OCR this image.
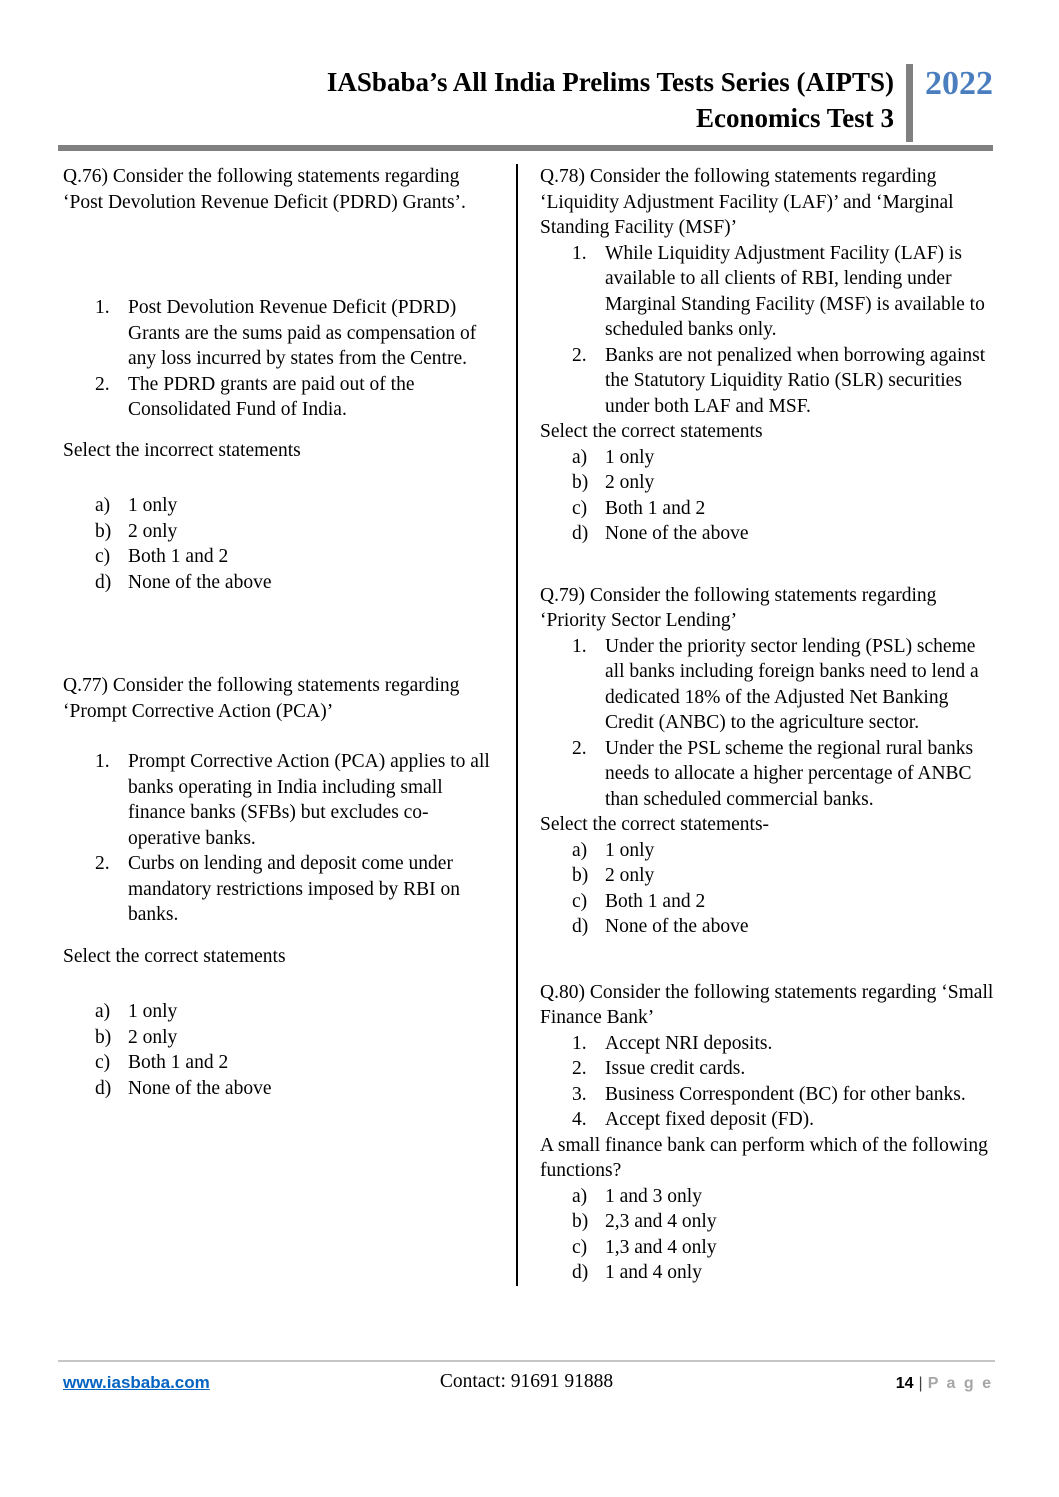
IASbaba’s All India Prelims Tests Series (AIPTS)
Economics Test 3
2022

Q.76) Consider the following statements regarding ‘Post Devolution Revenue Deficit (PDRD) Grants’.

1. Post Devolution Revenue Deficit (PDRD) Grants are the sums paid as compensation of any loss incurred by states from the Centre.
2. The PDRD grants are paid out of the Consolidated Fund of India.

Select the incorrect statements

a) 1 only
b) 2 only
c) Both 1 and 2
d) None of the above

Q.77) Consider the following statements regarding ‘Prompt Corrective Action (PCA)’

1. Prompt Corrective Action (PCA) applies to all banks operating in India including small finance banks (SFBs) but excludes co-operative banks.
2. Curbs on lending and deposit come under mandatory restrictions imposed by RBI on banks.

Select the correct statements

a) 1 only
b) 2 only
c) Both 1 and 2
d) None of the above

Q.78) Consider the following statements regarding ‘Liquidity Adjustment Facility (LAF)’ and ‘Marginal Standing Facility (MSF)’

1. While Liquidity Adjustment Facility (LAF) is available to all clients of RBI, lending under Marginal Standing Facility (MSF) is available to scheduled banks only.
2. Banks are not penalized when borrowing against the Statutory Liquidity Ratio (SLR) securities under both LAF and MSF.

Select the correct statements

a) 1 only
b) 2 only
c) Both 1 and 2
d) None of the above

Q.79) Consider the following statements regarding ‘Priority Sector Lending’

1. Under the priority sector lending (PSL) scheme all banks including foreign banks need to lend a dedicated 18% of the Adjusted Net Banking Credit (ANBC) to the agriculture sector.
2. Under the PSL scheme the regional rural banks needs to allocate a higher percentage of ANBC than scheduled commercial banks.

Select the correct statements-

a) 1 only
b) 2 only
c) Both 1 and 2
d) None of the above

Q.80) Consider the following statements regarding ‘Small Finance Bank’

1. Accept NRI deposits.
2. Issue credit cards.
3. Business Correspondent (BC) for other banks.
4. Accept fixed deposit (FD).

A small finance bank can perform which of the following functions?

a) 1 and 3 only
b) 2,3 and 4 only
c) 1,3 and 4 only
d) 1 and 4 only
www.iasbaba.com	Contact: 91691 91888	14 | P a g e
